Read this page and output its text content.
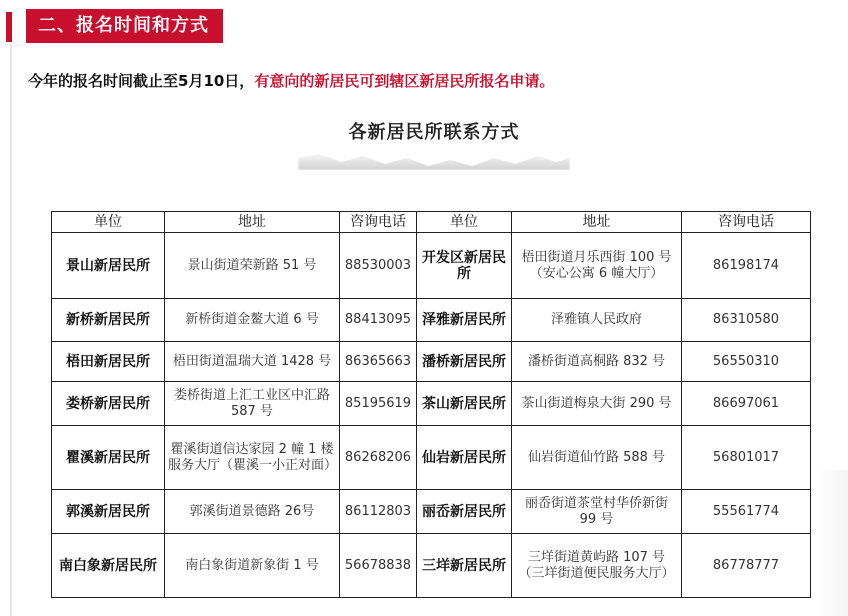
二、报名时间和方式
今年的报名时间截止至5月10日，有意向的新居民可到辖区新居民所报名申请。
各新居民所联系方式
单位	地址	咨询电话	单位	地址	咨询电话
景山新居民所	景山街道荣新路 51 号	88530003	开发区新居民所	梧田街道月乐西街 100 号（安心公寓 6 幢大厅）	86198174
新桥新居民所	新桥街道金鳌大道 6 号	88413095	泽雅新居民所	泽雅镇人民政府	86310580
梧田新居民所	梧田街道温瑞大道 1428 号	86365663	潘桥新居民所	潘桥街道高桐路 832 号	56550310
娄桥新居民所	娄桥街道上汇工业区中汇路 587 号	85195619	茶山新居民所	茶山街道梅泉大街 290 号	86697061
瞿溪新居民所	瞿溪街道信达家园 2 幢 1 楼服务大厅（瞿溪一小正对面）	86268206	仙岩新居民所	仙岩街道仙竹路 588 号	56801017
郭溪新居民所	郭溪街道景德路 26号	86112803	丽岙新居民所	丽岙街道茶堂村华侨新街 99 号	55561774
南白象新居民所	南白象街道新象街 1 号	56678838	三垟新居民所	三垟街道黄屿路 107 号（三垟街道便民服务大厅）	86778777
